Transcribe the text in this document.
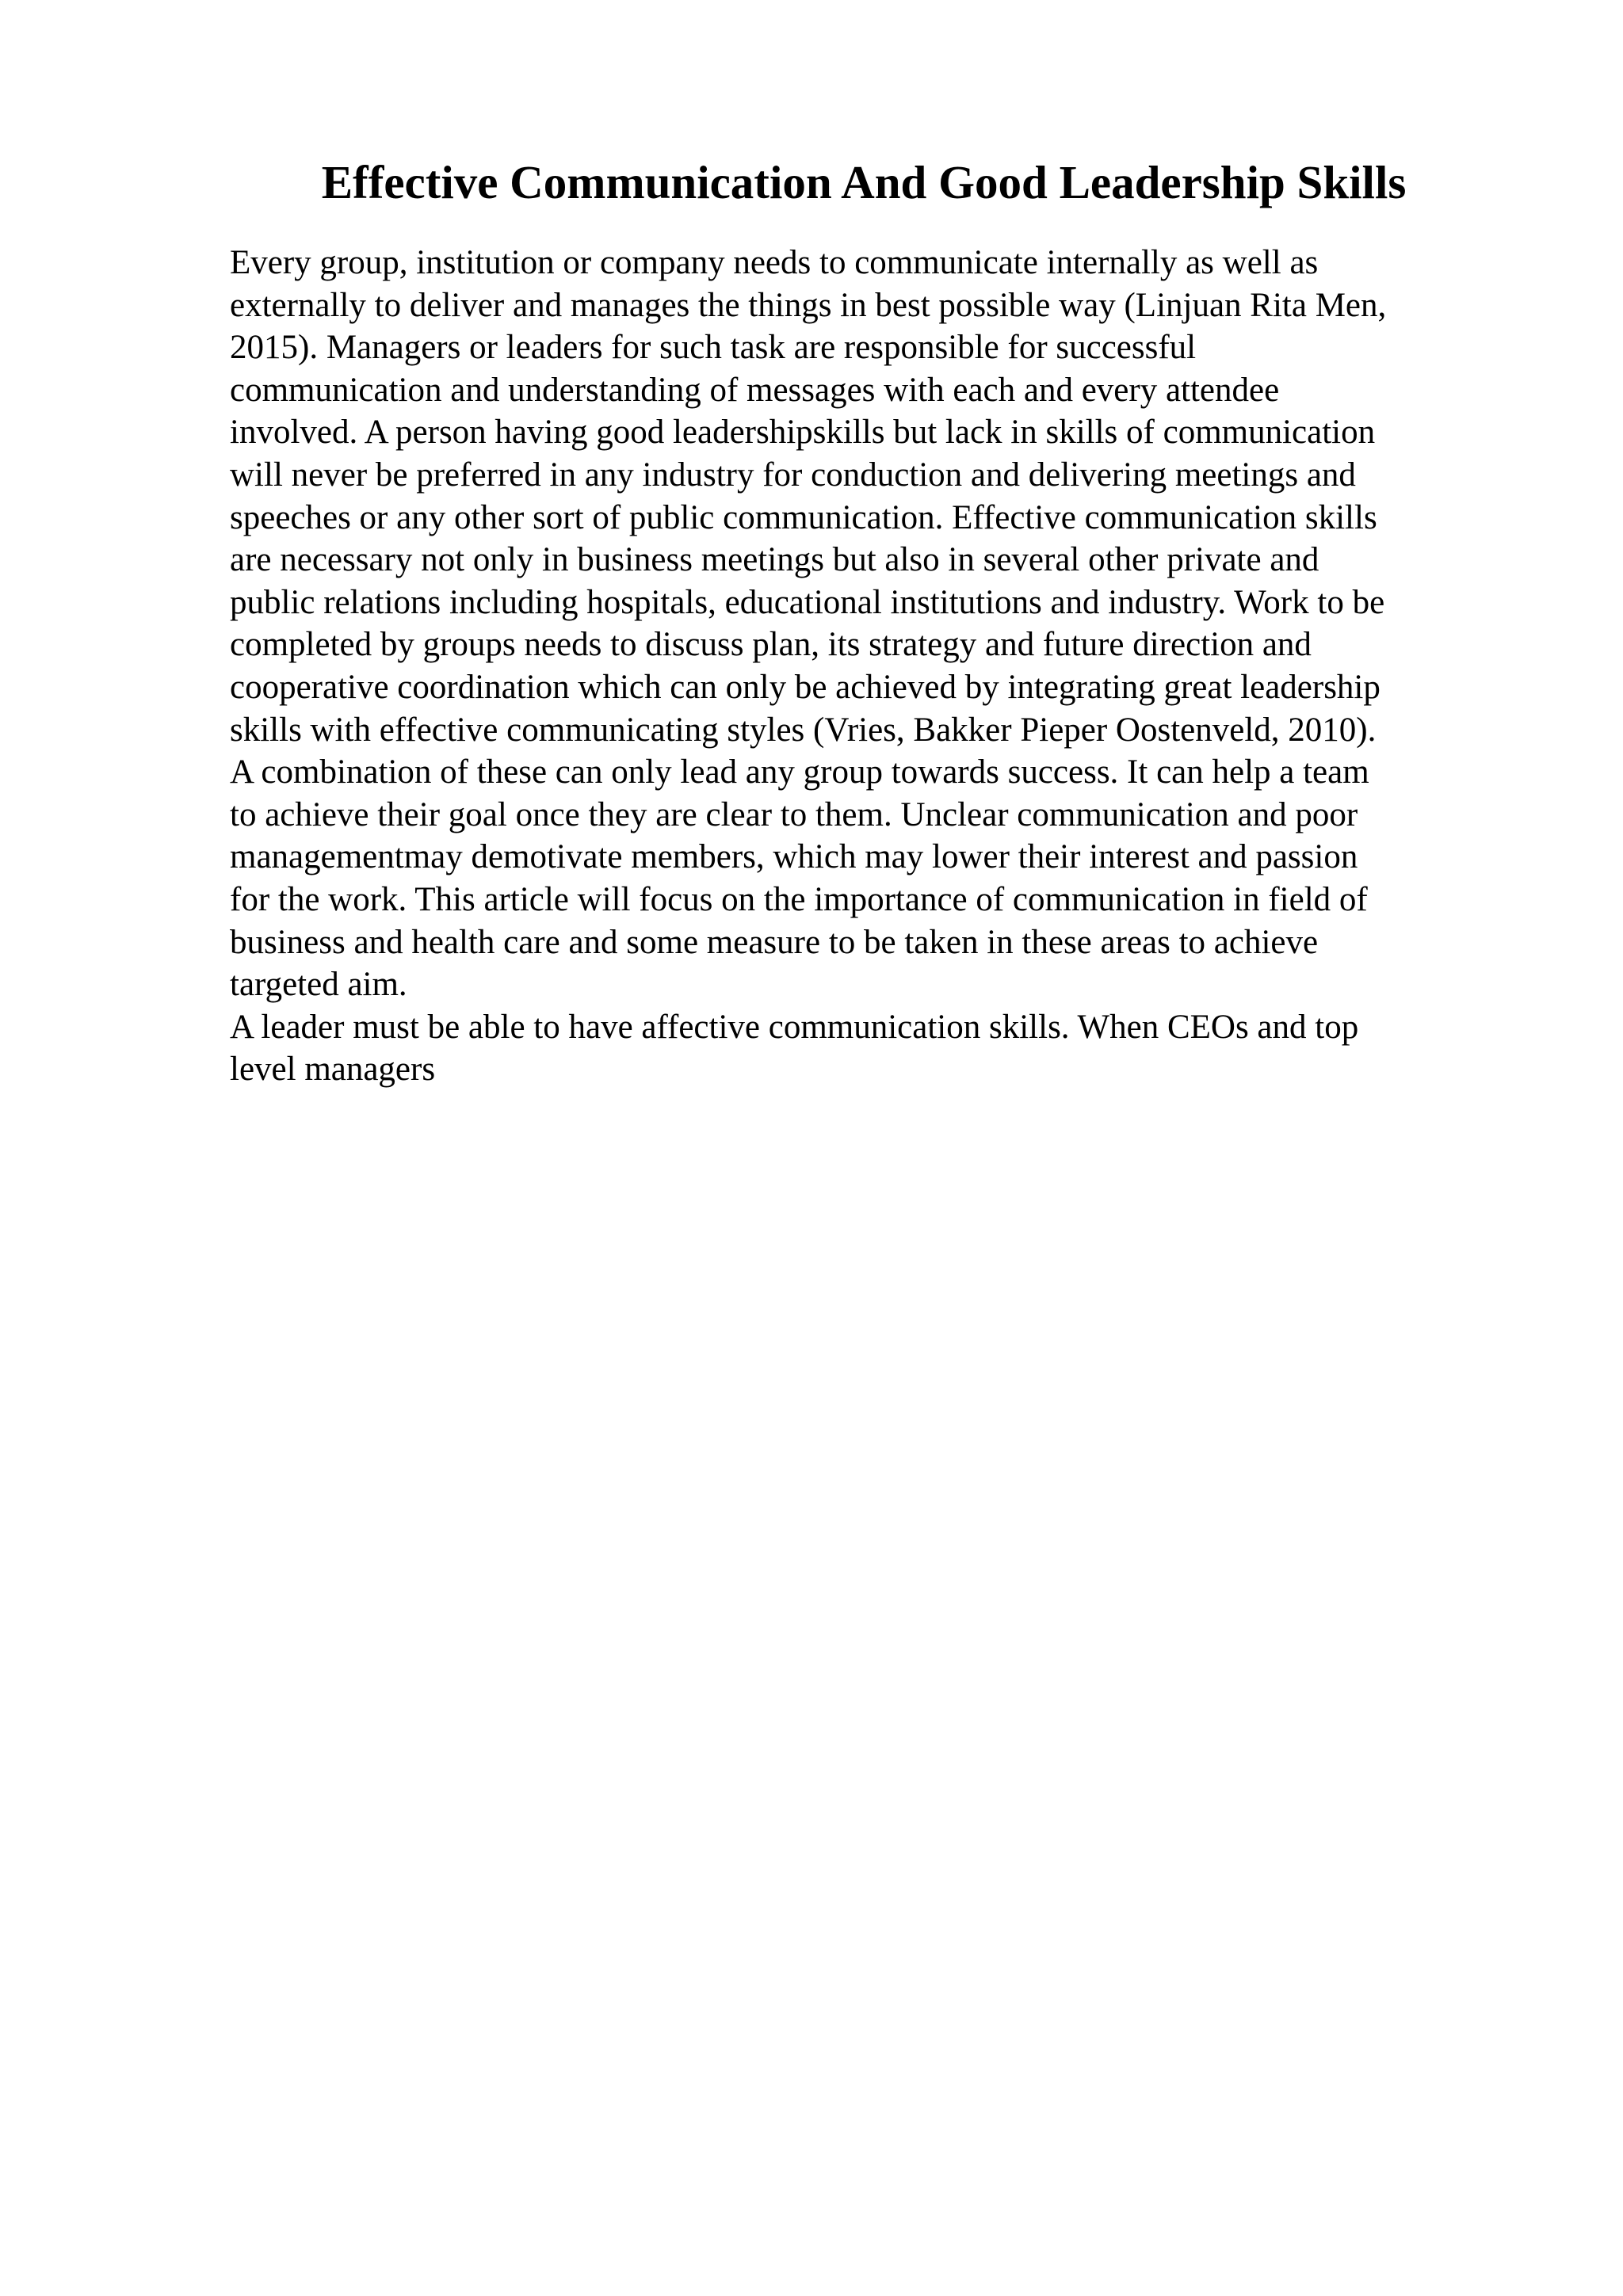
Effective Communication And Good Leadership Skills
Every group, institution or company needs to communicate internally as well as
externally to deliver and manages the things in best possible way (Linjuan Rita Men,
2015). Managers or leaders for such task are responsible for successful
communication and understanding of messages with each and every attendee
involved. A person having good leadershipskills but lack in skills of communication
will never be preferred in any industry for conduction and delivering meetings and
speeches or any other sort of public communication. Effective communication skills
are necessary not only in business meetings but also in several other private and
public relations including hospitals, educational institutions and industry. Work to be
completed by groups needs to discuss plan, its strategy and future direction and
cooperative coordination which can only be achieved by integrating great leadership
skills with effective communicating styles (Vries, Bakker Pieper Oostenveld, 2010).
A combination of these can only lead any group towards success. It can help a team
to achieve their goal once they are clear to them. Unclear communication and poor
managementmay demotivate members, which may lower their interest and passion
for the work. This article will focus on the importance of communication in field of
business and health care and some measure to be taken in these areas to achieve
targeted aim.
A leader must be able to have affective communication skills. When CEOs and top
level managers
